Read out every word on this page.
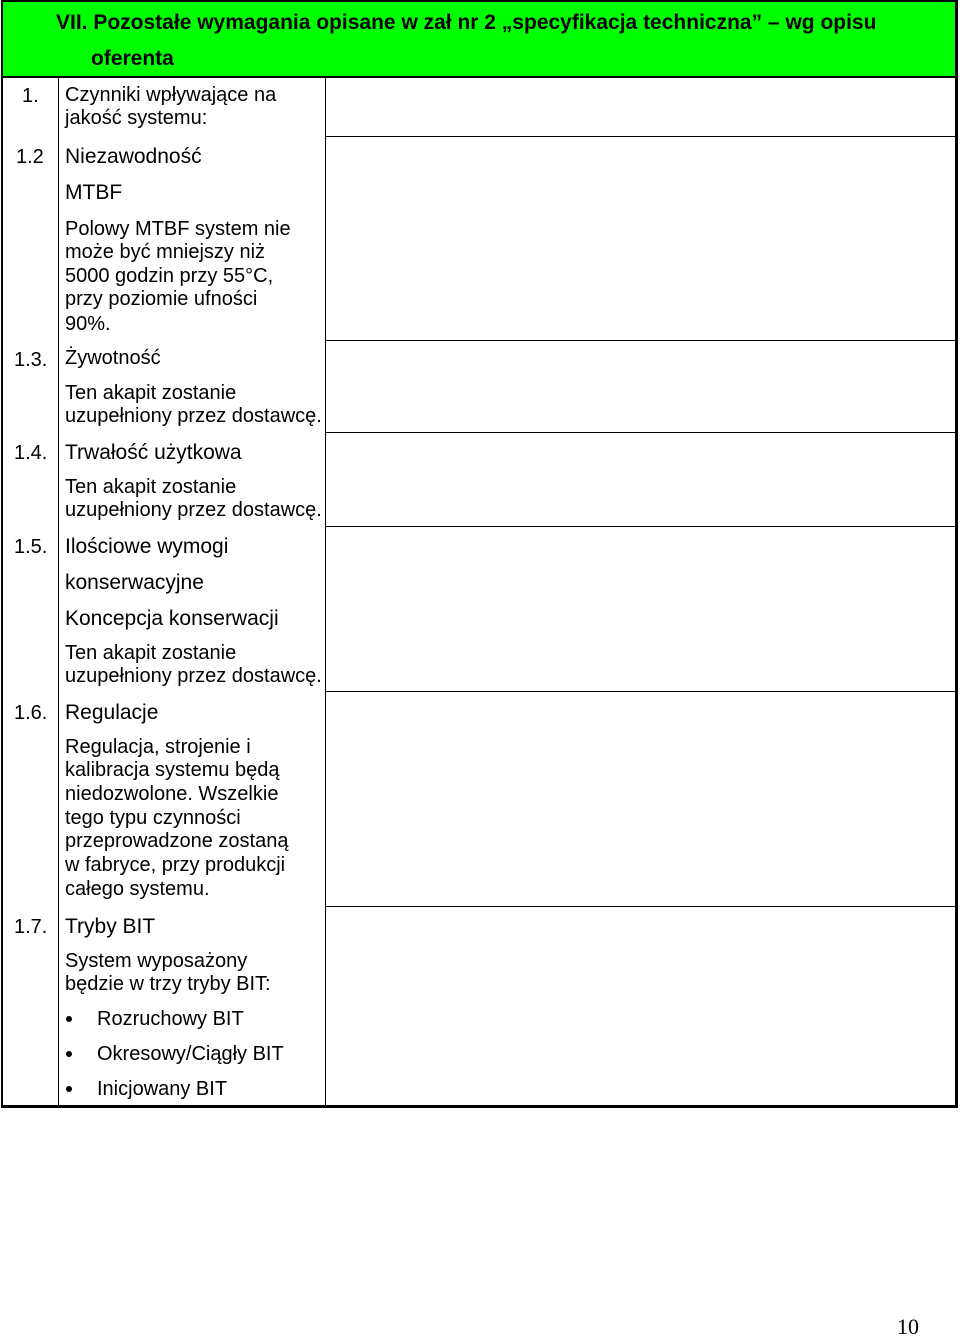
VII. Pozostałe wymagania opisane w zał nr 2 „specyfikacja techniczna” – wg opisu
oferenta
1. Czynniki wpływające na
jakość systemu:
1.2 Niezawodność
MTBF
Polowy MTBF system nie
może być mniejszy niż
5000 godzin przy 55°C,
przy poziomie ufności
90%.
1.3. Żywotność
Ten akapit zostanie
uzupełniony przez dostawcę.
1.4. Trwałość użytkowa
Ten akapit zostanie
uzupełniony przez dostawcę.
1.5. Ilościowe wymogi
konserwacyjne
Koncepcja konserwacji
Ten akapit zostanie
uzupełniony przez dostawcę.
1.6. Regulacje
Regulacja, strojenie i
kalibracja systemu będą
niedozwolone. Wszelkie
tego typu czynności
przeprowadzone zostaną
w fabryce, przy produkcji
całego systemu.
1.7. Tryby BIT
System wyposażony
będzie w trzy tryby BIT:
Rozruchowy BIT
Okresowy/Ciągły BIT
Inicjowany BIT
10
